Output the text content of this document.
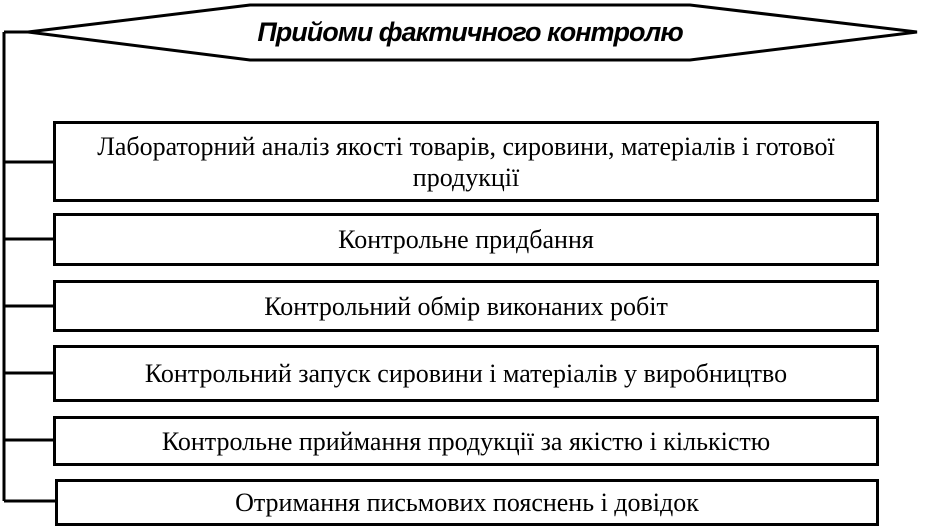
Прийоми фактичного контролю
Лабораторний аналіз якості товарів, сировини, матеріалів і готової продукції
Контрольне придбання
Контрольний обмір виконаних робіт
Контрольний запуск сировини і матеріалів у виробництво
Контрольне приймання продукції за якістю і кількістю
Отримання письмових пояснень і довідок
